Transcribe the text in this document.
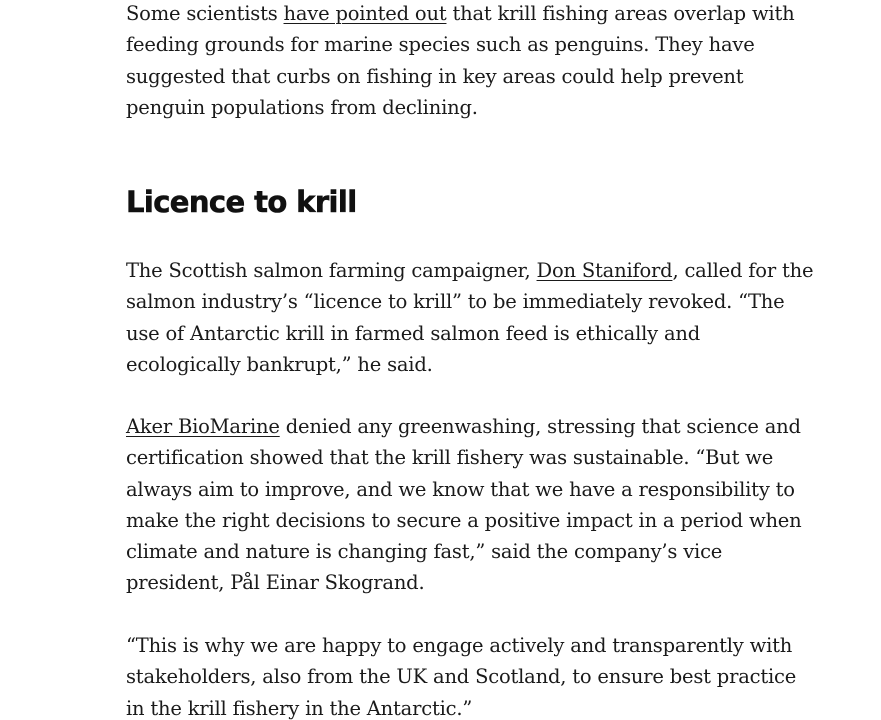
Some scientists have pointed out that krill fishing areas overlap with feeding grounds for marine species such as penguins. They have suggested that curbs on fishing in key areas could help prevent penguin populations from declining.

Licence to krill

The Scottish salmon farming campaigner, Don Staniford, called for the salmon industry’s “licence to krill” to be immediately revoked. “The use of Antarctic krill in farmed salmon feed is ethically and ecologically bankrupt,” he said.

Aker BioMarine denied any greenwashing, stressing that science and certification showed that the krill fishery was sustainable. “But we always aim to improve, and we know that we have a responsibility to make the right decisions to secure a positive impact in a period when climate and nature is changing fast,” said the company’s vice president, Pål Einar Skogrand.

“This is why we are happy to engage actively and transparently with stakeholders, also from the UK and Scotland, to ensure best practice in the krill fishery in the Antarctic.”
